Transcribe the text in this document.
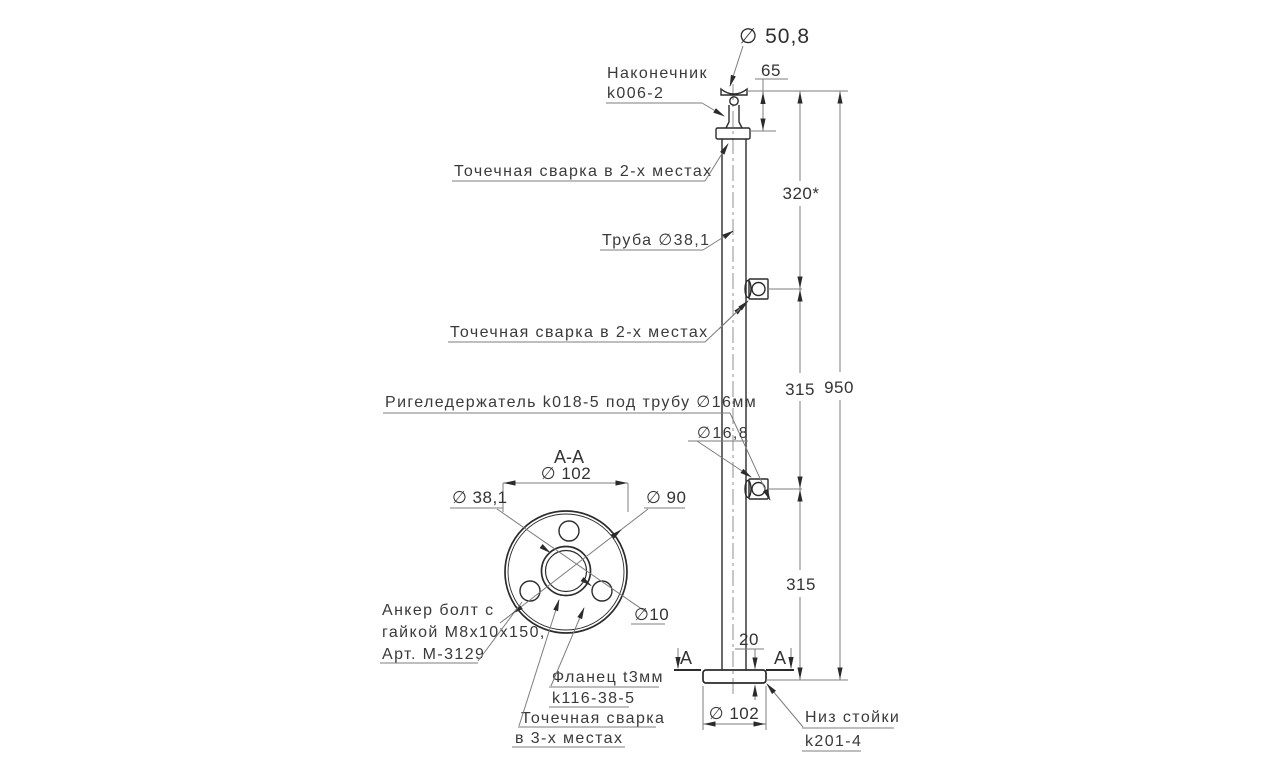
A	A
65
320*
315
315
950
20
∅ 102
∅ 50,8
Наконечник
k006-2
Точечная сварка в 2-х местах
Труба ∅38,1
Точечная сварка в 2-х местах
Ригеледержатель k018-5 под трубу ∅16мм
∅16,8
Низ стойки
k201-4
A-A
∅ 102
∅ 38,1	∅ 90
∅10
Анкер болт с
гайкой М8х10х150,
Арт. М-3129
Фланец t3мм
k116-38-5
Точечная сварка
в 3-х местах
